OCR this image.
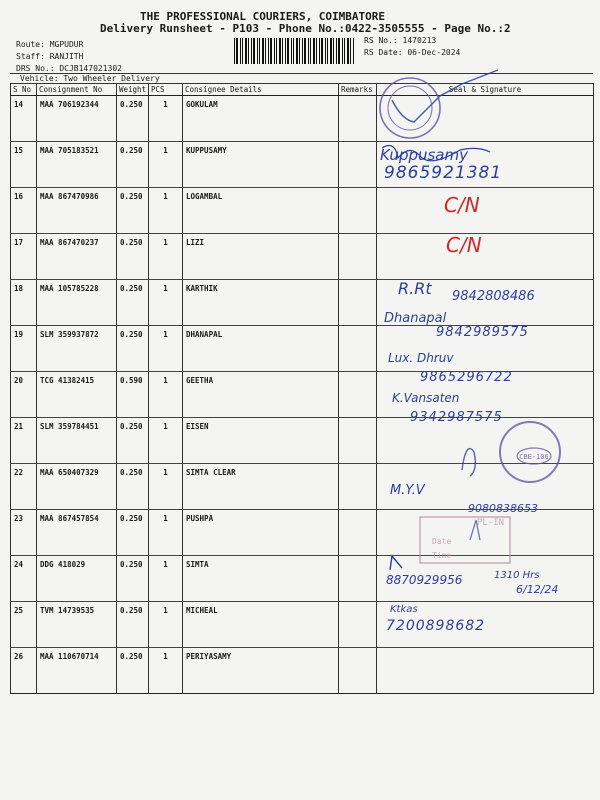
THE PROFESSIONAL COURIERS, COIMBATORE
Delivery Runsheet - P103 - Phone No.:0422-3505555 - Page No.:2
Route: MGPUDUR
Staff: RANJITH
DRS No.: DCJB147021302
RS No.: 1470213
RS Date: 06-Dec-2024
Vehicle: Two Wheeler Delivery
S No	Consignment No	Weight	PCS	Consignee Details	Remarks	Seal & Signature
14	MAA 706192344	0.250	1	GOKULAM		
15	MAA 705183521	0.250	1	KUPPUSAMY		
16	MAA 867470986	0.250	1	LOGAMBAL		
17	MAA 867470237	0.250	1	LIZI		
18	MAA 105785228	0.250	1	KARTHIK		
19	SLM 359937872	0.250	1	DHANAPAL		
20	TCG 41382415	0.590	1	GEETHA		
21	SLM 359784451	0.250	1	EISEN		
22	MAA 650407329	0.250	1	SIMTA CLEAR		
23	MAA 867457854	0.250	1	PUSHPA		
24	DDG 418029	0.250	1	SIMTA		
25	TVM 14739535	0.250	1	MICHEAL		
26	MAA 110670714	0.250	1	PERIYASAMY		
Kuppusamy
9865921381
C/N
C/N
R.Rt 9842808486
Dhanapal
9842989575
Lux. Dhruv
9865296722
K.Vansaten
9342987575
CBE-106
M.Y.V
9080838653
PL-IN
Date
Time
8870929956	1310 Hrs
6/12/24
Ktkas
7200898682
